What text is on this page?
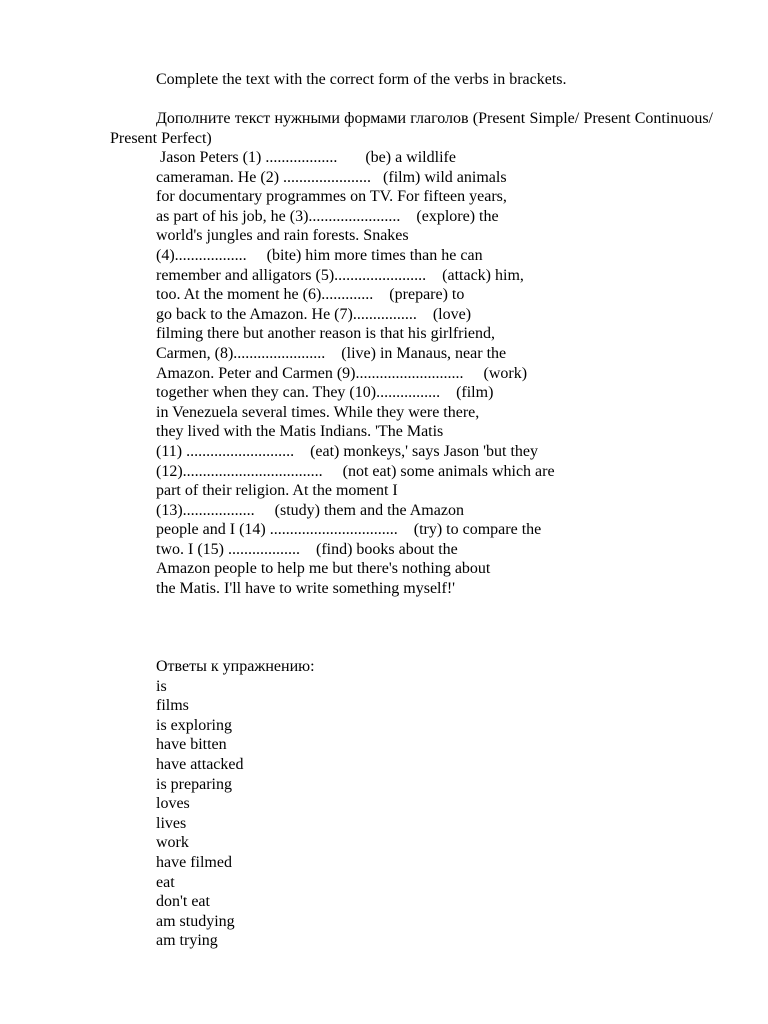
Complete the text with the correct form of the verbs in brackets.
Дополните текст нужными формами глаголов (Present Simple/ Present Continuous/ Present Perfect)
Jason Peters (1) ..................       (be) a wildlife
cameraman. He (2) ......................   (film) wild animals
for documentary programmes on TV. For fifteen years,
as part of his job, he (3).......................    (explore) the
world's jungles and rain forests. Snakes
(4)..................     (bite) him more times than he can
remember and alligators (5).......................    (attack) him,
too. At the moment he (6).............    (prepare) to
go back to the Amazon. He (7)................    (love)
filming there but another reason is that his girlfriend,
Carmen, (8).......................    (live) in Manaus, near the
Amazon. Peter and Carmen (9)...........................     (work)
together when they can. They (10)................    (film)
in Venezuela several times. While they were there,
they lived with the Matis Indians. 'The Matis
(11) ...........................    (eat) monkeys,' says Jason 'but they
(12)...................................     (not eat) some animals which are
part of their religion. At the moment I
(13)..................     (study) them and the Amazon
people and I (14) ................................    (try) to compare the
two. I (15) ..................    (find) books about the
Amazon people to help me but there's nothing about
the Matis. I'll have to write something myself!'
Ответы к упражнению:
is
films
is exploring
have bitten
have attacked
is preparing
loves
lives
work
have filmed
eat
don't eat
am studying
am trying
